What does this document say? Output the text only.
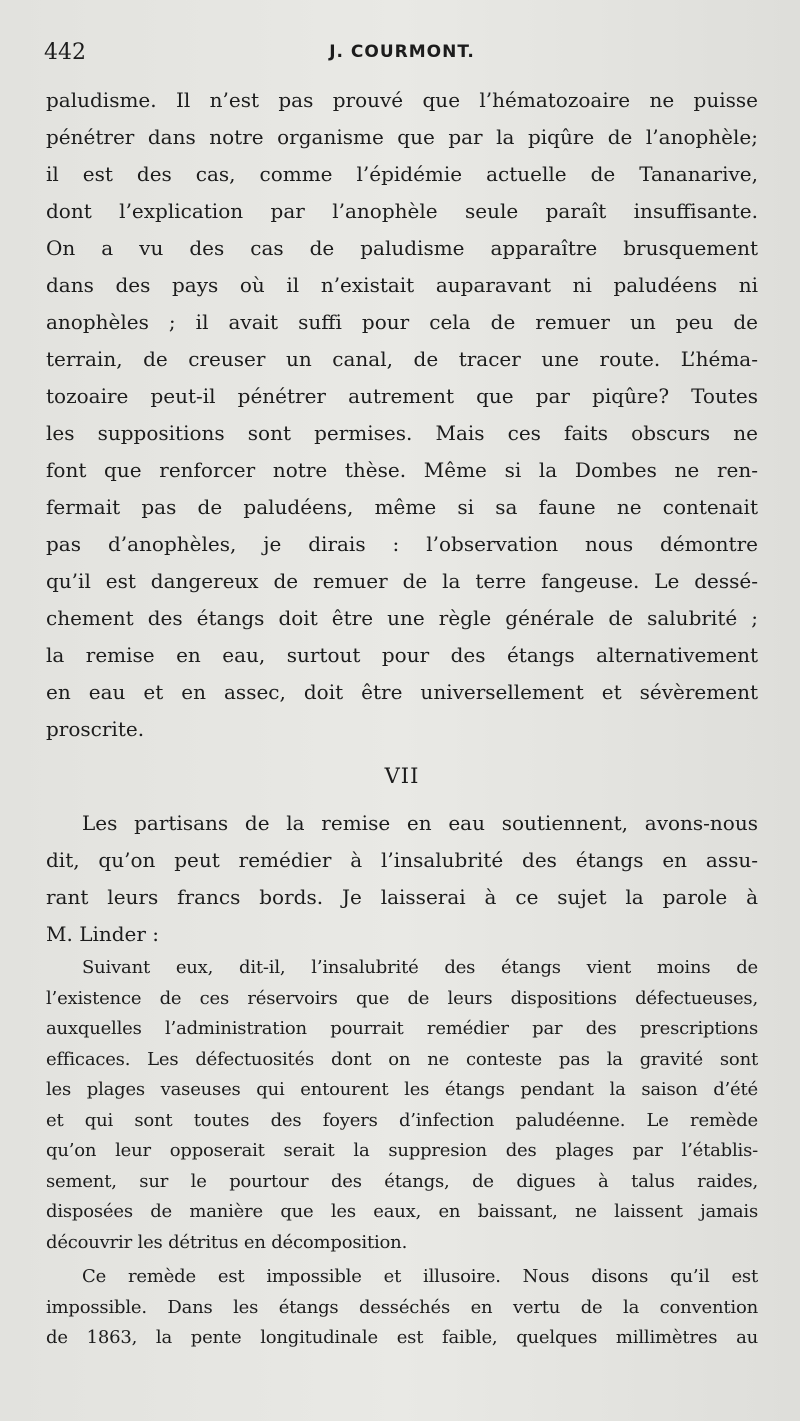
442	J. COURMONT.

paludisme. Il n’est pas prouvé que l’hématozoaire ne puisse
pénétrer dans notre organisme que par la piqûre de l’anophèle;
il est des cas, comme l’épidémie actuelle de Tananarive,
dont l’explication par l’anophèle seule paraît insuffisante.
On a vu des cas de paludisme apparaître brusquement
dans des pays où il n’existait auparavant ni paludéens ni
anophèles ; il avait suffi pour cela de remuer un peu de
terrain, de creuser un canal, de tracer une route. L’héma-
tozoaire peut-il pénétrer autrement que par piqûre? Toutes
les suppositions sont permises. Mais ces faits obscurs ne
font que renforcer notre thèse. Même si la Dombes ne ren-
fermait pas de paludéens, même si sa faune ne contenait
pas d’anophèles, je dirais : l’observation nous démontre
qu’il est dangereux de remuer de la terre fangeuse. Le dessé-
chement des étangs doit être une règle générale de salubrité ;
la remise en eau, surtout pour des étangs alternativement
en eau et en assec, doit être universellement et sévèrement
proscrite.

VII

Les partisans de la remise en eau soutiennent, avons-nous
dit, qu’on peut remédier à l’insalubrité des étangs en assu-
rant leurs francs bords. Je laisserai à ce sujet la parole à
M. Linder :

Suivant eux, dit-il, l’insalubrité des étangs vient moins de
l’existence de ces réservoirs que de leurs dispositions défectueuses,
auxquelles l’administration pourrait remédier par des prescriptions
efficaces. Les défectuosités dont on ne conteste pas la gravité sont
les plages vaseuses qui entourent les étangs pendant la saison d’été
et qui sont toutes des foyers d’infection paludéenne. Le remède
qu’on leur opposerait serait la suppresion des plages par l’établis-
sement, sur le pourtour des étangs, de digues à talus raides,
disposées de manière que les eaux, en baissant, ne laissent jamais
découvrir les détritus en décomposition.

Ce remède est impossible et illusoire. Nous disons qu’il est
impossible. Dans les étangs desséchés en vertu de la convention
de 1863, la pente longitudinale est faible, quelques millimètres au
